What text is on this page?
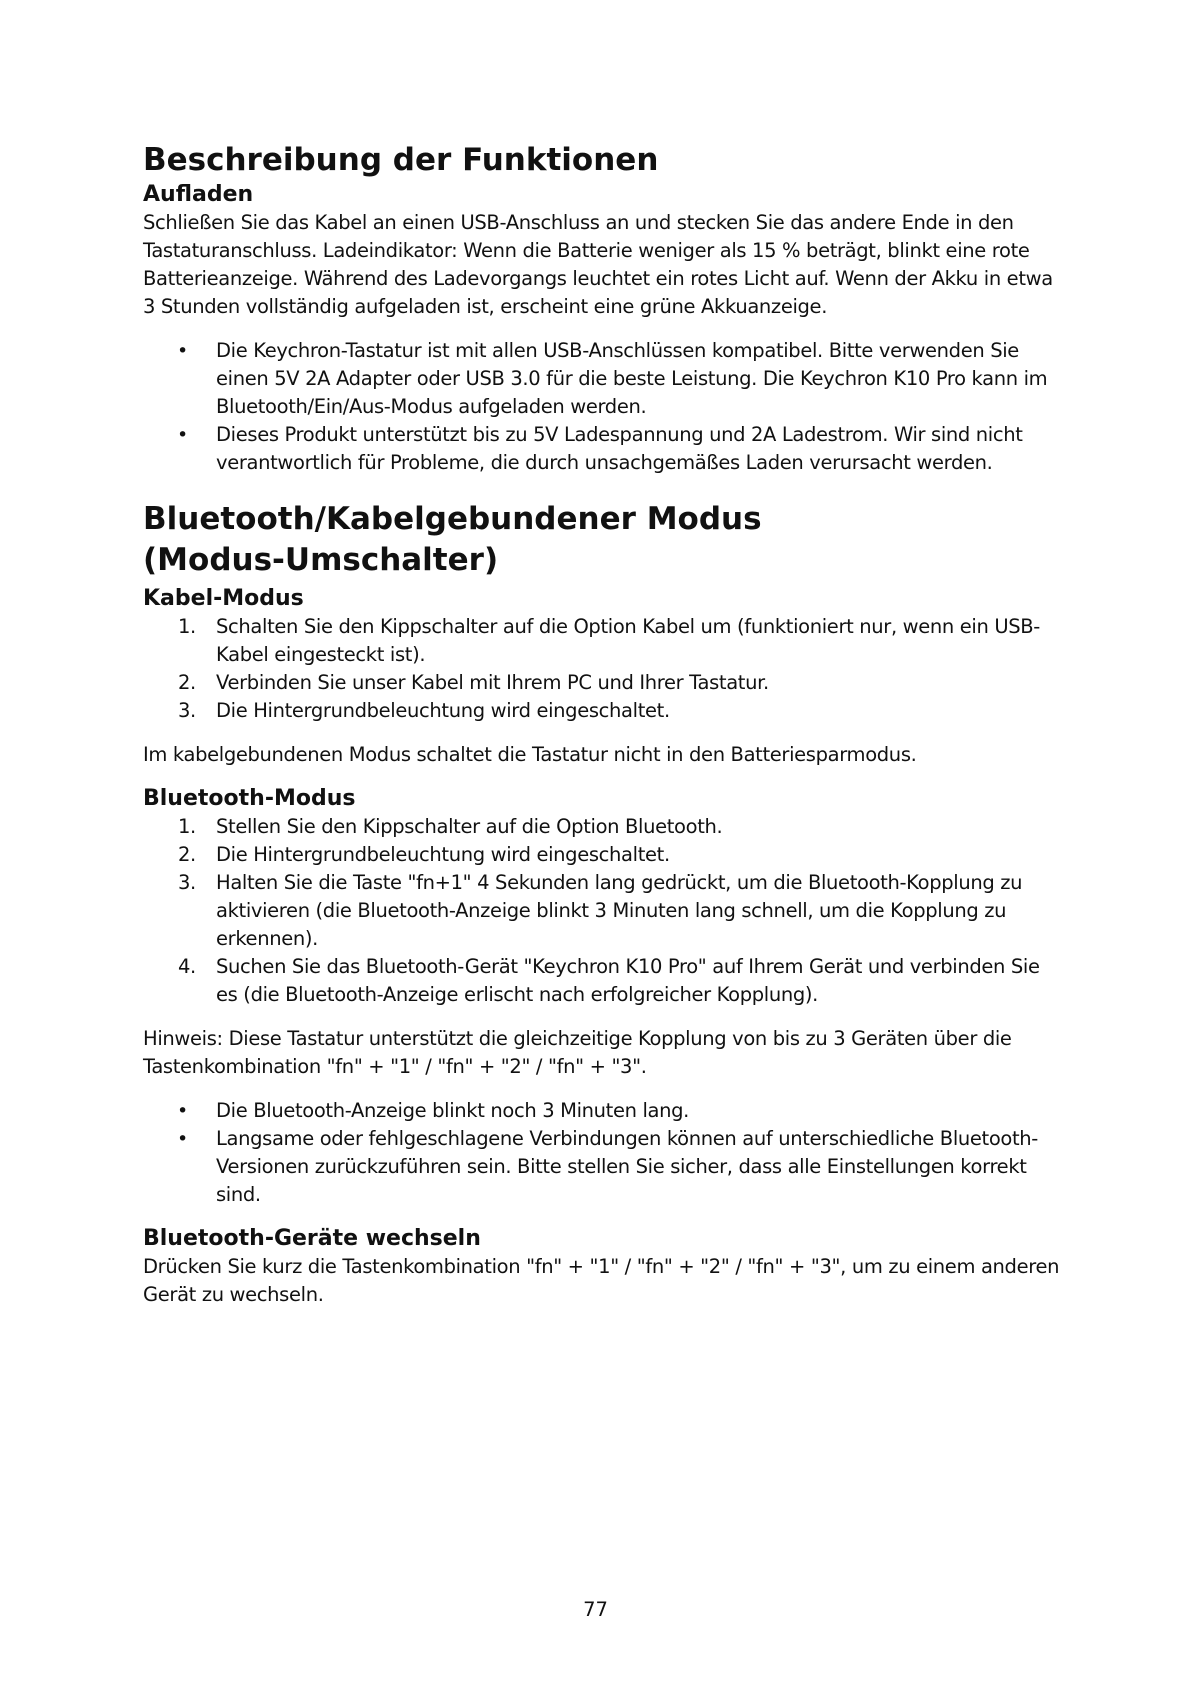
Beschreibung der Funktionen
Aufladen

Schließen Sie das Kabel an einen USB-Anschluss an und stecken Sie das andere Ende in den Tastaturanschluss. Ladeindikator: Wenn die Batterie weniger als 15 % beträgt, blinkt eine rote Batterieanzeige. Während des Ladevorgangs leuchtet ein rotes Licht auf. Wenn der Akku in etwa 3 Stunden vollständig aufgeladen ist, erscheint eine grüne Akkuanzeige.

• Die Keychron-Tastatur ist mit allen USB-Anschlüssen kompatibel. Bitte verwenden Sie einen 5V 2A Adapter oder USB 3.0 für die beste Leistung. Die Keychron K10 Pro kann im Bluetooth/Ein/Aus-Modus aufgeladen werden.
• Dieses Produkt unterstützt bis zu 5V Ladespannung und 2A Ladestrom. Wir sind nicht verantwortlich für Probleme, die durch unsachgemäßes Laden verursacht werden.
Bluetooth/Kabelgebundener Modus (Modus-Umschalter)
Kabel-Modus
1. Schalten Sie den Kippschalter auf die Option Kabel um (funktioniert nur, wenn ein USB-Kabel eingesteckt ist).
2. Verbinden Sie unser Kabel mit Ihrem PC und Ihrer Tastatur.
3. Die Hintergrundbeleuchtung wird eingeschaltet.

Im kabelgebundenen Modus schaltet die Tastatur nicht in den Batteriesparmodus.

Bluetooth-Modus
1. Stellen Sie den Kippschalter auf die Option Bluetooth.
2. Die Hintergrundbeleuchtung wird eingeschaltet.
3. Halten Sie die Taste "fn+1" 4 Sekunden lang gedrückt, um die Bluetooth-Kopplung zu aktivieren (die Bluetooth-Anzeige blinkt 3 Minuten lang schnell, um die Kopplung zu erkennen).
4. Suchen Sie das Bluetooth-Gerät "Keychron K10 Pro" auf Ihrem Gerät und verbinden Sie es (die Bluetooth-Anzeige erlischt nach erfolgreicher Kopplung).

Hinweis: Diese Tastatur unterstützt die gleichzeitige Kopplung von bis zu 3 Geräten über die Tastenkombination "fn" + "1" / "fn" + "2" / "fn" + "3".

• Die Bluetooth-Anzeige blinkt noch 3 Minuten lang.
• Langsame oder fehlgeschlagene Verbindungen können auf unterschiedliche Bluetooth-Versionen zurückzuführen sein. Bitte stellen Sie sicher, dass alle Einstellungen korrekt sind.
Bluetooth-Geräte wechseln

Drücken Sie kurz die Tastenkombination "fn" + "1" / "fn" + "2" / "fn" + "3", um zu einem anderen Gerät zu wechseln.

77
